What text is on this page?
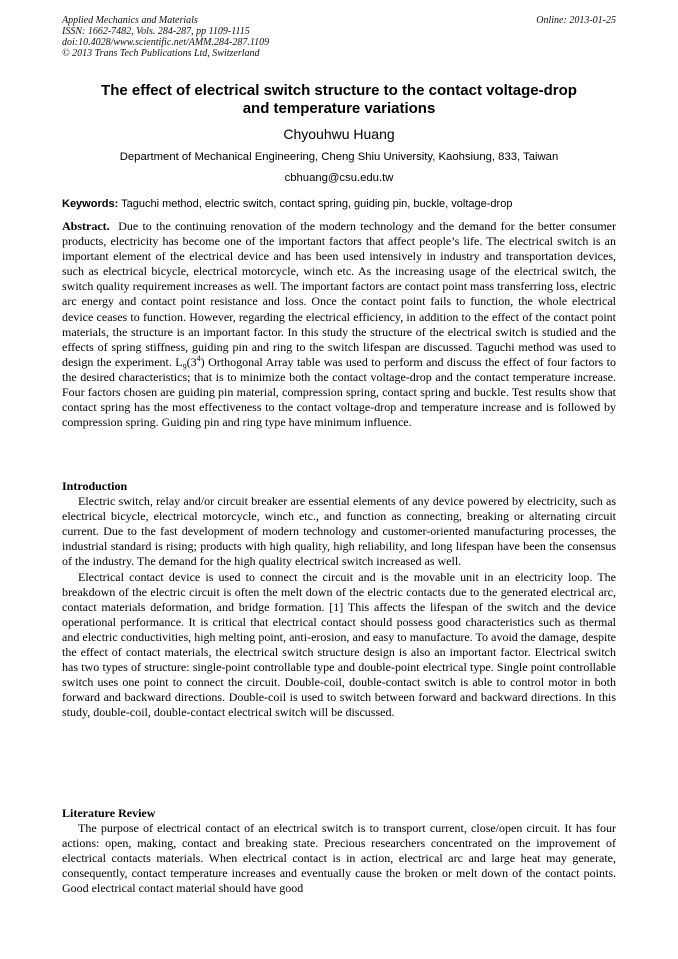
Applied Mechanics and Materials
ISSN: 1662-7482, Vols. 284-287, pp 1109-1115
doi:10.4028/www.scientific.net/AMM.284-287.1109
© 2013 Trans Tech Publications Ltd, Switzerland
Online: 2013-01-25
The effect of electrical switch structure to the contact voltage-drop
and temperature variations
Chyouhwu Huang
Department of Mechanical Engineering, Cheng Shiu University, Kaohsiung, 833, Taiwan
cbhuang@csu.edu.tw
Keywords: Taguchi method, electric switch, contact spring, guiding pin, buckle, voltage-drop

Abstract. Due to the continuing renovation of the modern technology and the demand for the better consumer products, electricity has become one of the important factors that affect people’s life. The electrical switch is an important element of the electrical device and has been used intensively in industry and transportation devices, such as electrical bicycle, electrical motorcycle, winch etc. As the increasing usage of the electrical switch, the switch quality requirement increases as well. The important factors are contact point mass transferring loss, electric arc energy and contact point resistance and loss. Once the contact point fails to function, the whole electrical device ceases to function. However, regarding the electrical efficiency, in addition to the effect of the contact point materials, the structure is an important factor. In this study the structure of the electrical switch is studied and the effects of spring stiffness, guiding pin and ring to the switch lifespan are discussed. Taguchi method was used to design the experiment. $L_9(3^4)$ Orthogonal Array table was used to perform and discuss the effect of four factors to the desired characteristics; that is to minimize both the contact voltage-drop and the contact temperature increase. Four factors chosen are guiding pin material, compression spring, contact spring and buckle. Test results show that contact spring has the most effectiveness to the contact voltage-drop and temperature increase and is followed by compression spring. Guiding pin and ring type have minimum influence.

Introduction

Electric switch, relay and/or circuit breaker are essential elements of any device powered by electricity, such as electrical bicycle, electrical motorcycle, winch etc., and function as connecting, breaking or alternating circuit current. Due to the fast development of modern technology and customer-oriented manufacturing processes, the industrial standard is rising; products with high quality, high reliability, and long lifespan have been the consensus of the industry. The demand for the high quality electrical switch increased as well.

Electrical contact device is used to connect the circuit and is the movable unit in an electricity loop. The breakdown of the electric circuit is often the melt down of the electric contacts due to the generated electrical arc, contact materials deformation, and bridge formation. [1] This affects the lifespan of the switch and the device operational performance. It is critical that electrical contact should possess good characteristics such as thermal and electric conductivities, high melting point, anti-erosion, and easy to manufacture. To avoid the damage, despite the effect of contact materials, the electrical switch structure design is also an important factor. Electrical switch has two types of structure: single-point controllable type and double-point electrical type. Single point controllable switch uses one point to connect the circuit. Double-coil, double-contact switch is able to control motor in both forward and backward directions. Double-coil is used to switch between forward and backward directions. In this study, double-coil, double-contact electrical switch will be discussed.

Literature Review

The purpose of electrical contact of an electrical switch is to transport current, close/open circuit. It has four actions: open, making, contact and breaking state. Precious researchers concentrated on the improvement of electrical contacts materials. When electrical contact is in action, electrical arc and large heat may generate, consequently, contact temperature increases and eventually cause the broken or melt down of the contact points. Good electrical contact material should have good
